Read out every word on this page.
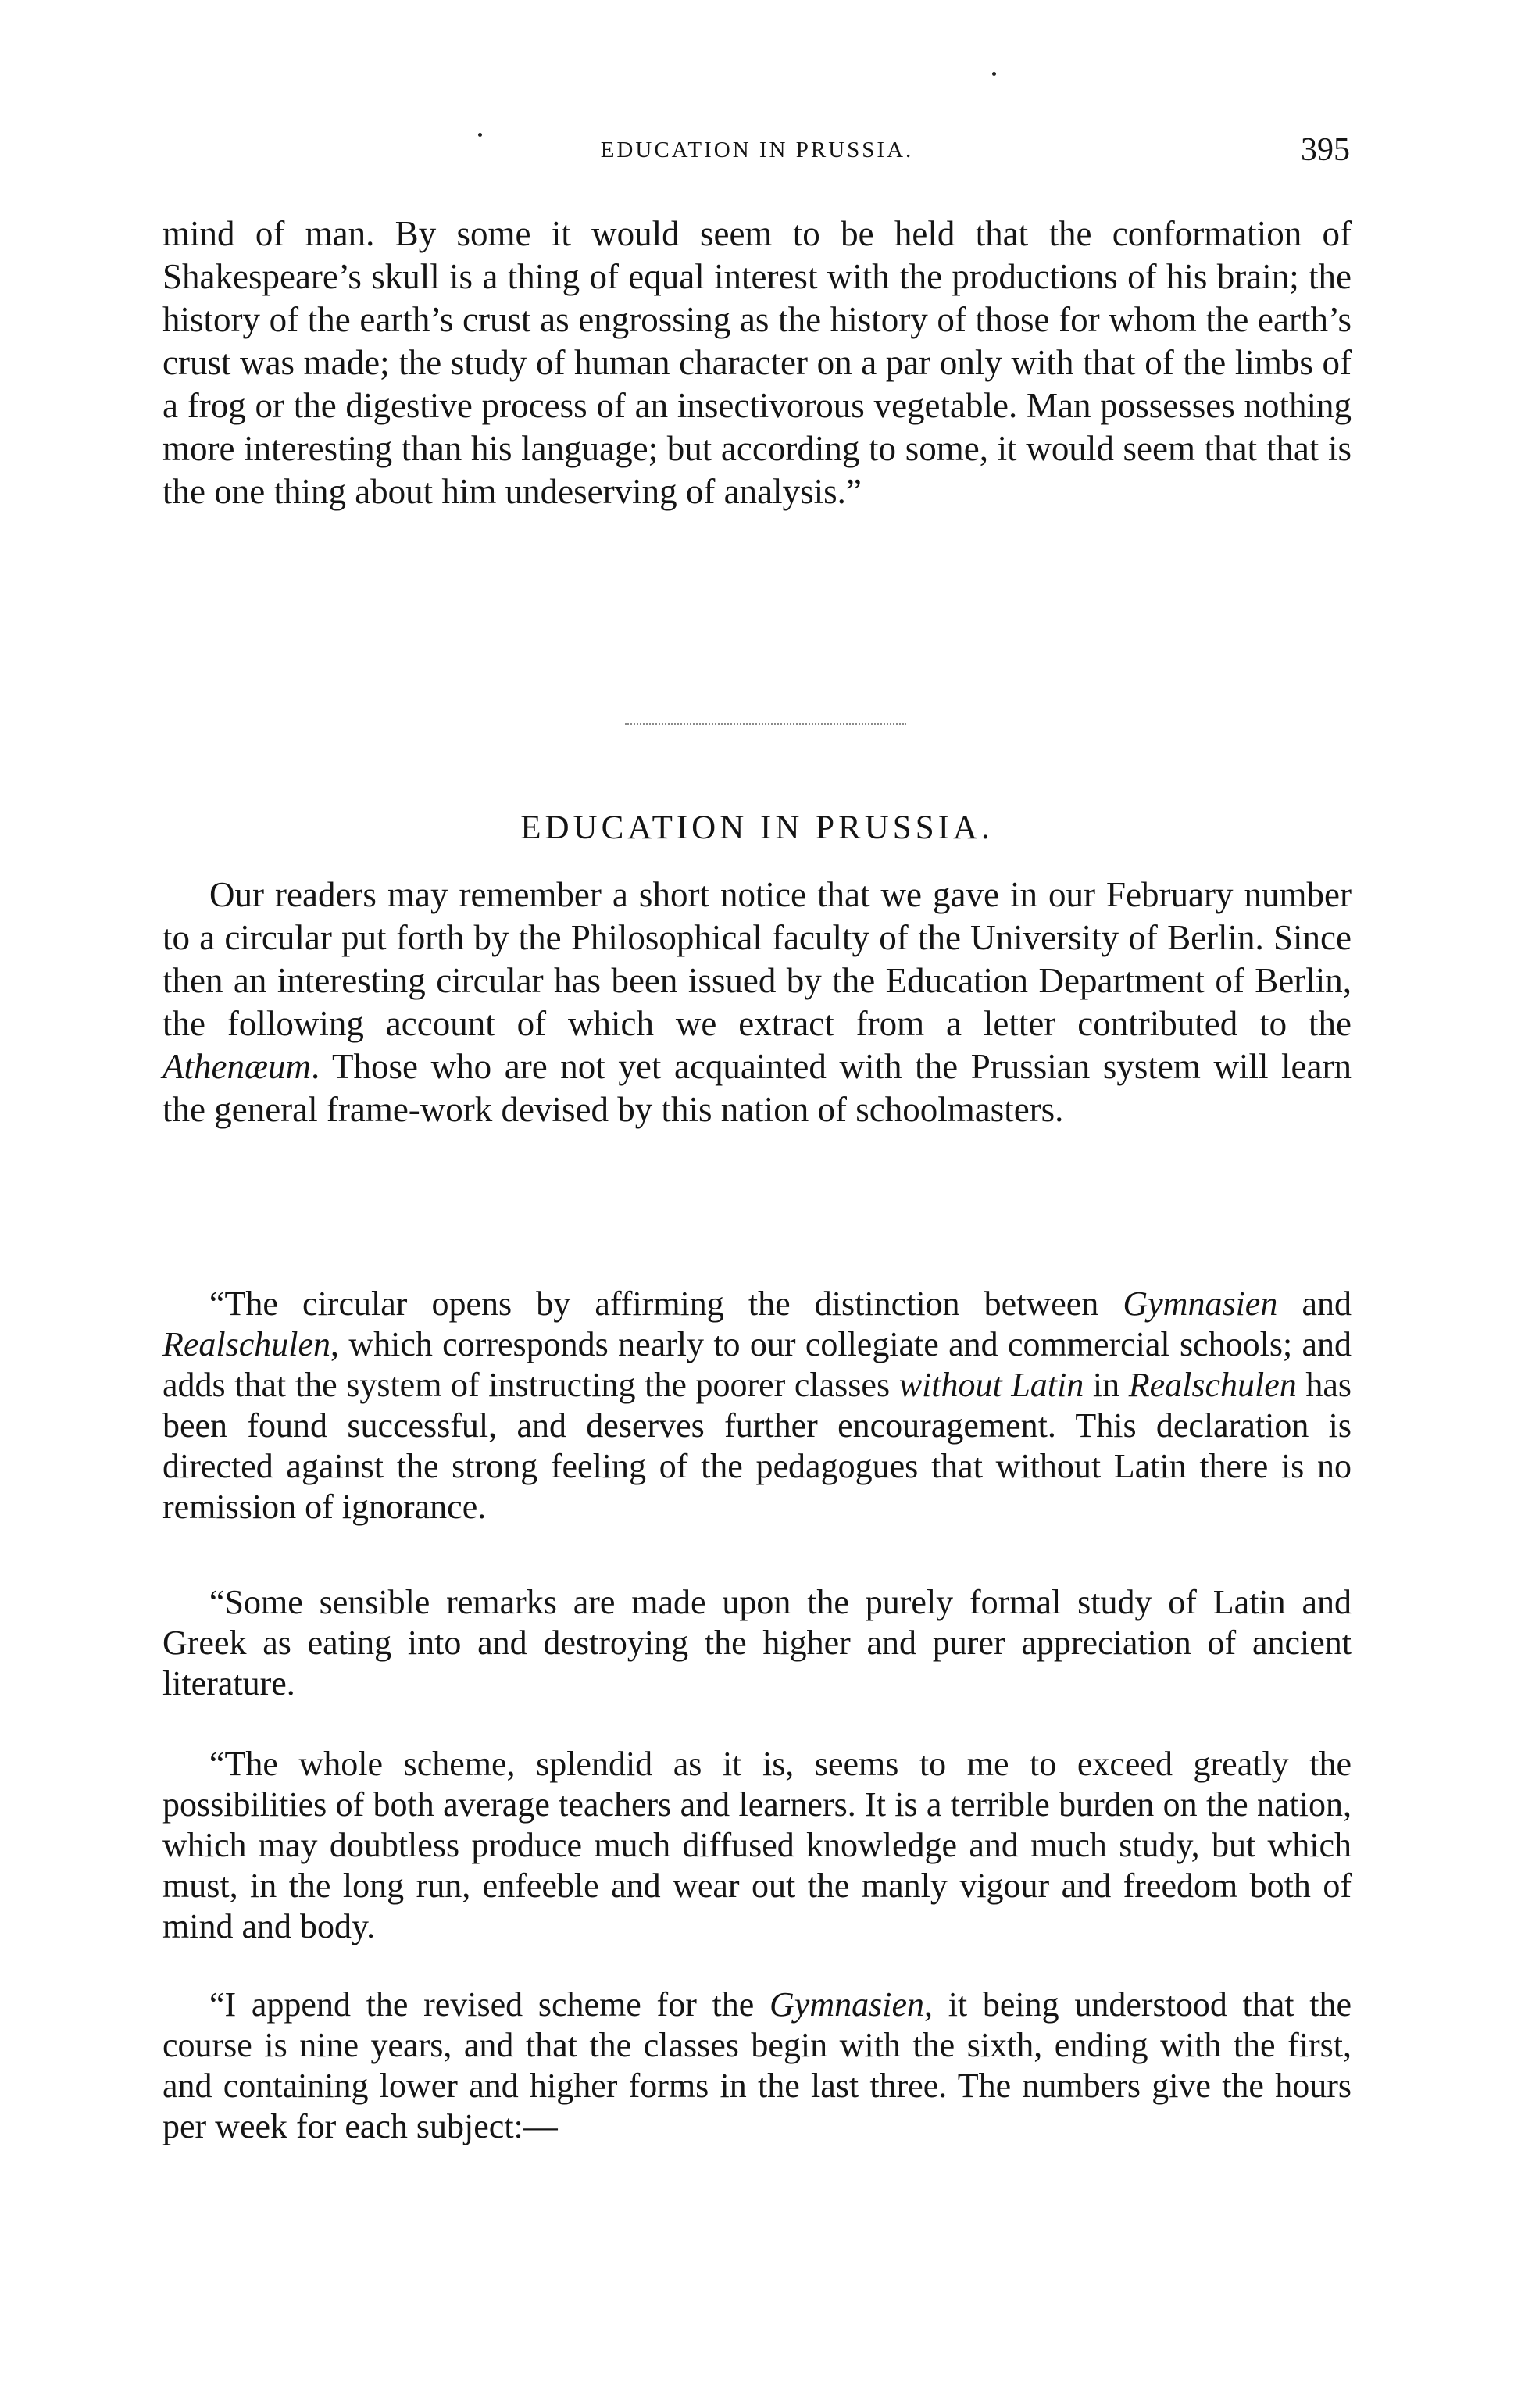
EDUCATION IN PRUSSIA.	395

mind of man. By some it would seem to be held that the conformation of Shakespeare’s skull is a thing of equal interest with the productions of his brain; the history of the earth’s crust as engrossing as the history of those for whom the earth’s crust was made; the study of human character on a par only with that of the limbs of a frog or the digestive process of an insectivorous vegetable. Man possesses nothing more interesting than his language; but according to some, it would seem that that is the one thing about him undeserving of analysis.”

EDUCATION IN PRUSSIA.

Our readers may remember a short notice that we gave in our February number to a circular put forth by the Philosophical faculty of the University of Berlin. Since then an interesting circular has been issued by the Education Department of Berlin, the following account of which we extract from a letter contributed to the Athenæum. Those who are not yet acquainted with the Prussian system will learn the general frame-work devised by this nation of schoolmasters.

“The circular opens by affirming the distinction between Gymnasien and Realschulen, which corresponds nearly to our collegiate and commercial schools; and adds that the system of instructing the poorer classes without Latin in Realschulen has been found successful, and deserves further encouragement. This declaration is directed against the strong feeling of the pedagogues that without Latin there is no remission of ignorance.

“Some sensible remarks are made upon the purely formal study of Latin and Greek as eating into and destroying the higher and purer appreciation of ancient literature.

“The whole scheme, splendid as it is, seems to me to exceed greatly the possibilities of both average teachers and learners. It is a terrible burden on the nation, which may doubtless produce much diffused knowledge and much study, but which must, in the long run, enfeeble and wear out the manly vigour and freedom both of mind and body.

“I append the revised scheme for the Gymnasien, it being understood that the course is nine years, and that the classes begin with the sixth, ending with the first, and containing lower and higher forms in the last three. The numbers give the hours per week for each subject:—
